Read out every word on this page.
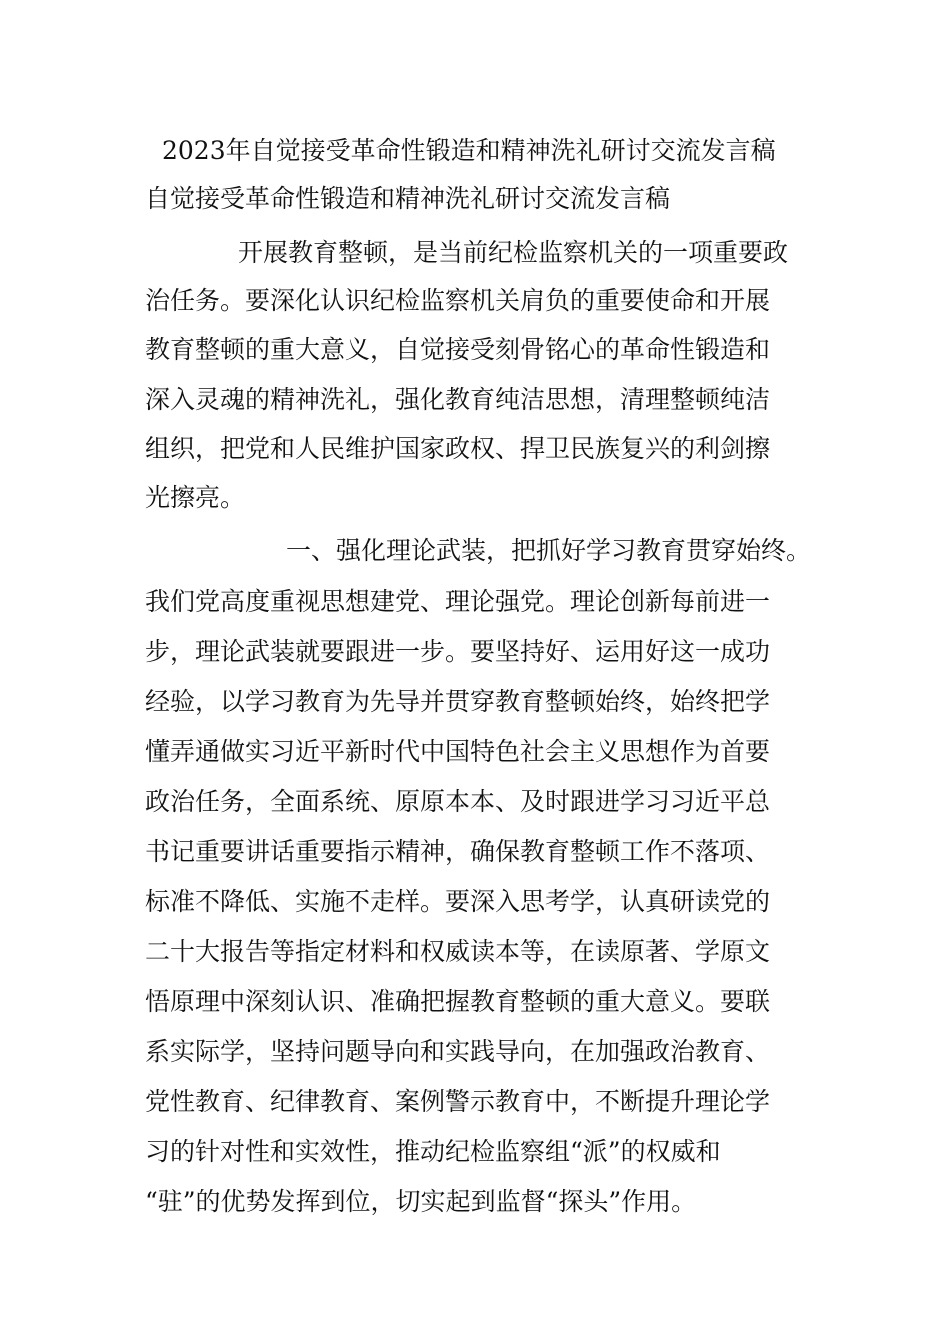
2023年自觉接受革命性锻造和精神洗礼研讨交流发言稿
自觉接受革命性锻造和精神洗礼研讨交流发言稿
开展教育整顿，是当前纪检监察机关的一项重要政
治任务。要深化认识纪检监察机关肩负的重要使命和开展
教育整顿的重大意义，自觉接受刻骨铭心的革命性锻造和
深入灵魂的精神洗礼，强化教育纯洁思想，清理整顿纯洁
组织，把党和人民维护国家政权、捍卫民族复兴的利剑擦
光擦亮。
一、强化理论武装，把抓好学习教育贯穿始终。
我们党高度重视思想建党、理论强党。理论创新每前进一
步，理论武装就要跟进一步。要坚持好、运用好这一成功
经验，以学习教育为先导并贯穿教育整顿始终，始终把学
懂弄通做实习近平新时代中国特色社会主义思想作为首要
政治任务，全面系统、原原本本、及时跟进学习习近平总
书记重要讲话重要指示精神，确保教育整顿工作不落项、
标准不降低、实施不走样。要深入思考学，认真研读党的
二十大报告等指定材料和权威读本等，在读原著、学原文
悟原理中深刻认识、准确把握教育整顿的重大意义。要联
系实际学，坚持问题导向和实践导向，在加强政治教育、
党性教育、纪律教育、案例警示教育中，不断提升理论学
习的针对性和实效性，推动纪检监察组“派”的权威和
“驻”的优势发挥到位，切实起到监督“探头”作用。
